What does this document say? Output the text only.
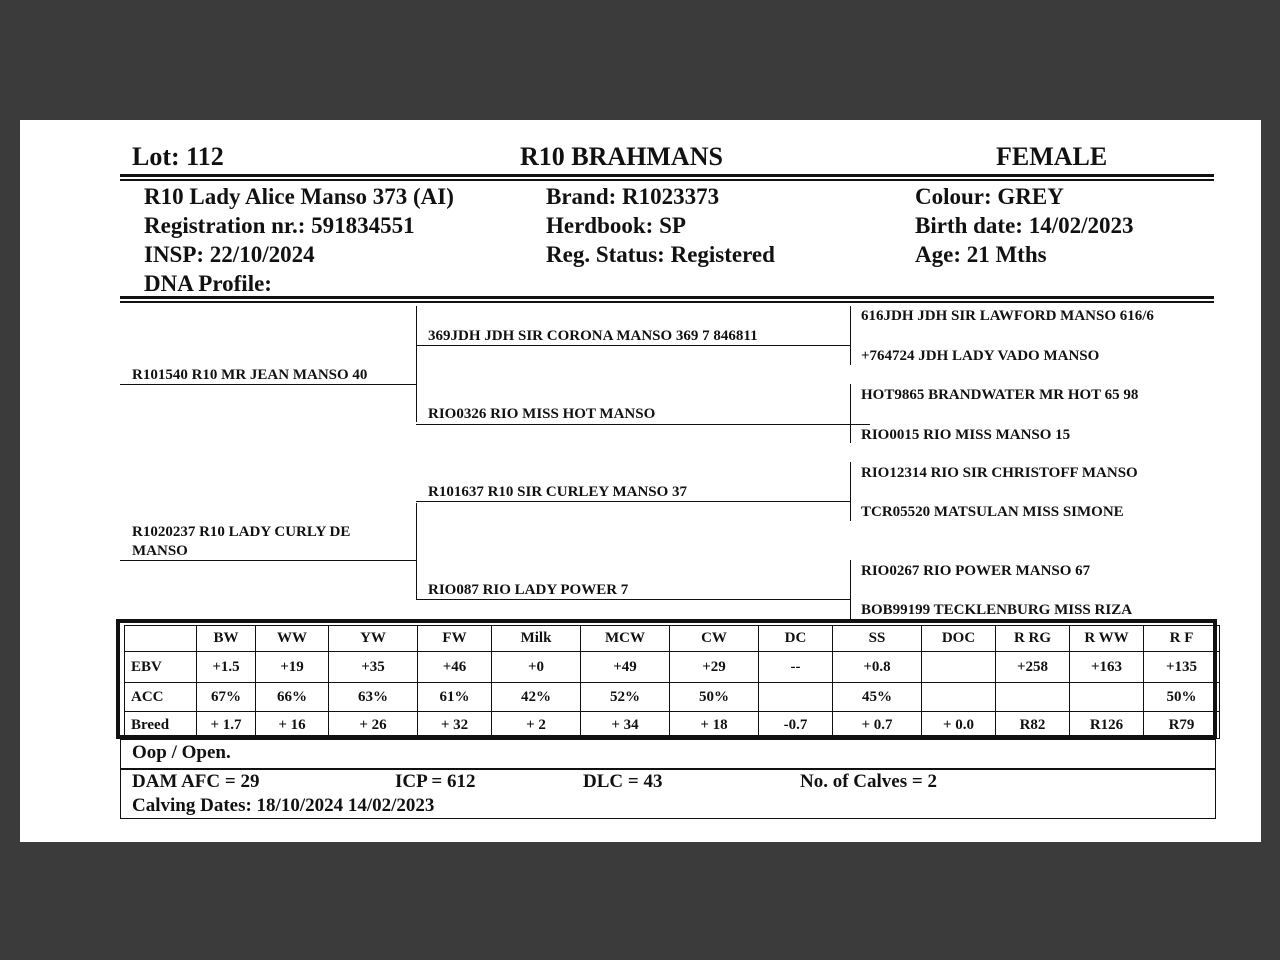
Lot: 112	R10 BRAHMANS	FEMALE
R10 Lady Alice Manso 373 (AI)
Registration nr.: 591834551
INSP: 22/10/2024
DNA Profile:
Brand: R1023373
Herdbook: SP
Reg. Status: Registered
Colour: GREY
Birth date: 14/02/2023
Age: 21 Mths
R101540 R10 MR JEAN MANSO 40
R1020237 R10 LADY CURLY DE MANSO
369JDH JDH SIR CORONA MANSO 369 7 846811
RIO0326 RIO MISS HOT MANSO
R101637 R10 SIR CURLEY MANSO 37
RIO087 RIO LADY POWER 7
616JDH JDH SIR LAWFORD MANSO 616/6
+764724 JDH LADY VADO MANSO
HOT9865 BRANDWATER MR HOT 65 98
RIO0015 RIO MISS MANSO 15
RIO12314 RIO SIR CHRISTOFF MANSO
TCR05520 MATSULAN MISS SIMONE
RIO0267 RIO POWER MANSO 67
BOB99199 TECKLENBURG MISS RIZA
	BW	WW	YW	FW	Milk	MCW	CW	DC	SS	DOC	R RG	R WW	R F
EBV	+1.5	+19	+35	+46	+0	+49	+29	--	+0.8		+258	+163	+135
ACC	67%	66%	63%	61%	42%	52%	50%		45%				50%
Breed	+ 1.7	+ 16	+ 26	+ 32	+ 2	+ 34	+ 18	-0.7	+ 0.7	+ 0.0	R82	R126	R79
Oop / Open.
DAM AFC = 29	ICP = 612	DLC = 43	No. of Calves = 2
Calving Dates: 18/10/2024 14/02/2023
